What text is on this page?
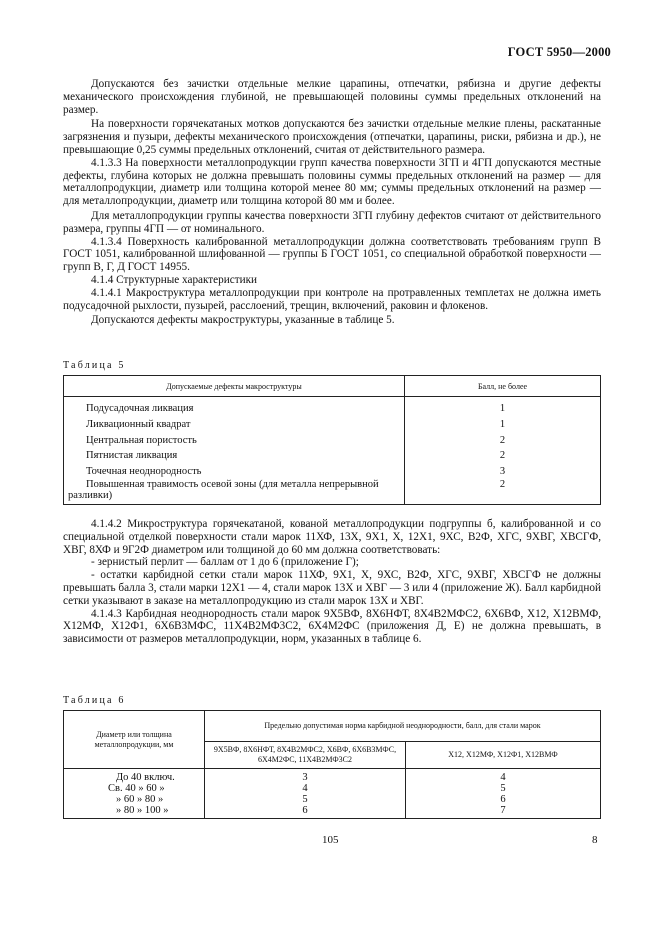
ГОСТ 5950—2000

Допускаются без зачистки отдельные мелкие царапины, отпечатки, рябизна и другие дефекты механического происхождения глубиной, не превышающей половины суммы предельных отклонений на размер.

На поверхности горячекатаных мотков допускаются без зачистки отдельные мелкие плены, раскатанные загрязнения и пузыри, дефекты механического происхождения (отпечатки, царапины, риски, рябизна и др.), не превышающие 0,25 суммы предельных отклонений, считая от действительного размера.

4.1.3.3 На поверхности металлопродукции групп качества поверхности 3ГП и 4ГП допускаются местные дефекты, глубина которых не должна превышать половины суммы предельных отклонений на размер — для металлопродукции, диаметр или толщина которой менее 80 мм; суммы предельных отклонений на размер — для металлопродукции, диаметр или толщина которой 80 мм и более.

Для металлопродукции группы качества поверхности 3ГП глубину дефектов считают от действительного размера, группы 4ГП — от номинального.

4.1.3.4 Поверхность калиброванной металлопродукции должна соответствовать требованиям групп В ГОСТ 1051, калиброванной шлифованной — группы Б ГОСТ 1051, со специальной обработкой поверхности — групп В, Г, Д ГОСТ 14955.

4.1.4 Структурные характеристики

4.1.4.1 Макроструктура металлопродукции при контроле на протравленных темплетах не должна иметь подусадочной рыхлости, пузырей, расслоений, трещин, включений, раковин и флокенов.

Допускаются дефекты макроструктуры, указанные в таблице 5.

Таблица 5
Допускаемые дефекты макроструктуры	Балл, не более
Подусадочная ликвация	1
Ликвационный квадрат	1
Центральная пористость	2
Пятнистая ликвация	2
Точечная неоднородность	3
Повышенная травимость осевой зоны (для металла непрерывной разливки)	2

4.1.4.2 Микроструктура горячекатаной, кованой металлопродукции подгруппы б, калиброванной и со специальной отделкой поверхности стали марок 11ХФ, 13Х, 9Х1, Х, 12Х1, 9ХС, В2Ф, ХГС, 9ХВГ, ХВСГФ, ХВГ, 8ХФ и 9Г2Ф диаметром или толщиной до 60 мм должна соответствовать:

- зернистый перлит — баллам от 1 до 6 (приложение Г);

- остатки карбидной сетки стали марок 11ХФ, 9Х1, Х, 9ХС, В2Ф, ХГС, 9ХВГ, ХВСГФ не должны превышать балла 3, стали марки 12Х1 — 4, стали марок 13Х и ХВГ — 3 или 4 (приложение Ж). Балл карбидной сетки указывают в заказе на металлопродукцию из стали марок 13Х и ХВГ.

4.1.4.3 Карбидная неоднородность стали марок 9Х5ВФ, 8Х6НФТ, 8Х4В2МФС2, 6Х6ВФ, Х12, Х12ВМФ, Х12МФ, Х12Ф1, 6Х6В3МФС, 11Х4В2МФ3С2, 6Х4М2ФС (приложения Д, Е) не должна превышать, в зависимости от размеров металлопродукции, норм, указанных в таблице 6.

Таблица 6
Диаметр или толщина металлопродукции, мм	Предельно допустимая норма карбидной неоднородности, балл, для стали марок	
	9Х5ВФ, 8Х6НФТ, 8Х4В2МФС2, Х6ВФ, 6Х6В3МФС, 6Х4М2ФС, 11Х4В2МФ3С2	Х12, Х12МФ, Х12Ф1, Х12ВМФ
До 40 включ.	3	4
Св. 40 » 60 »	4	5
» 60 » 80 »	5	6
» 80 » 100 »	6	7
105	8
